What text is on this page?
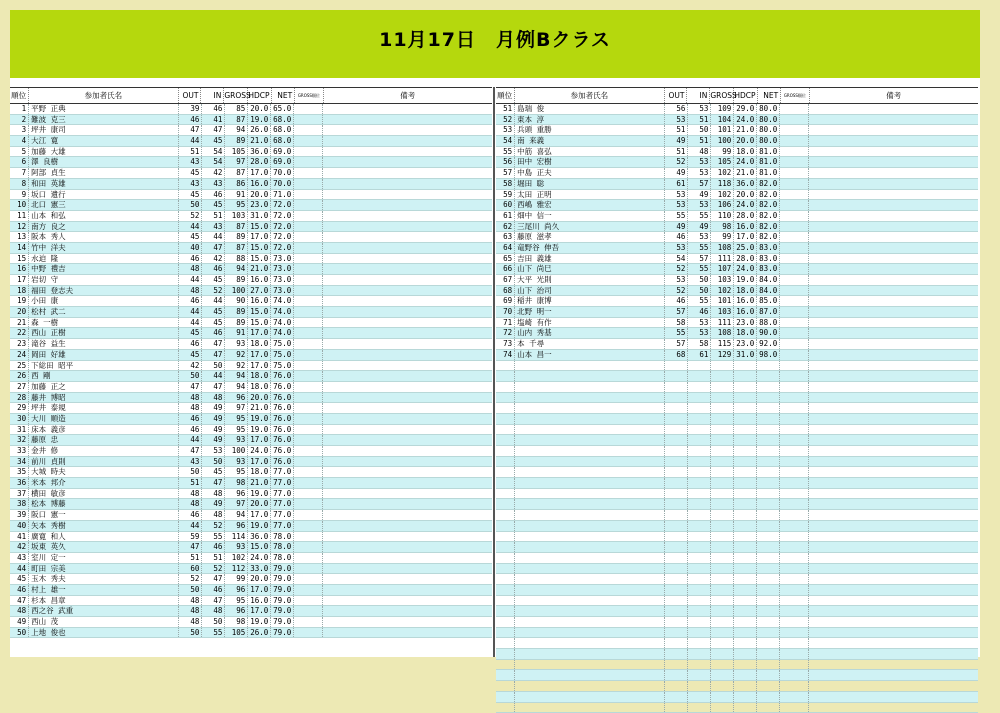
11月17日　月例Bクラス
順位	参加者氏名	OUT	IN GROSS
HDCP	NET	GROSS順位	備考
1 平野 正典	39	46	85 20.0 65.0
2 難波 克三	46	41	87 19.0 68.0
3 坪井 康司	47	47	94 26.0 68.0
4 大江 寛	44	45	89 21.0 68.0
5 加藤 大雄	51	54	105 36.0 69.0
6 澤 良樹	43	54	97 28.0 69.0
7 阿部 貞生	45	42	87 17.0 70.0
8 和田 英雄	43	43	86 16.0 70.0
9 坂口 遺行	45	46	91 20.0 71.0
10 北口 憲三	50	45	95 23.0 72.0
11 山本 和弘	52	51	103 31.0 72.0
12 南方 良之	44	43	87 15.0 72.0
13 阪本 秀人	45	44	89 17.0 72.0
14 竹中 洋夫	40	47	87 15.0 72.0
15 水迫 隆	46	42	88 15.0 73.0
16 中野 禮吉	48	46	94 21.0 73.0
17 岩切 守	44	45	89 16.0 73.0
18 福田 登志夫	48	52	100 27.0 73.0
19 小田 康	46	44	90 16.0 74.0
20 松村 武二	44	45	89 15.0 74.0
21 森 一樹	44	45	89 15.0 74.0
22 西山 正樹	45	46	91 17.0 74.0
23 滝谷 益生	46	47	93 18.0 75.0
24 岡田 好雄	45	47	92 17.0 75.0
25 下総田 昭平	42	50	92 17.0 75.0
26 西 剛	50	44	94 18.0 76.0
27 加藤 正之	47	47	94 18.0 76.0
28 藤井 博昭	48	48	96 20.0 76.0
29 坪井 泰規	48	49	97 21.0 76.0
30 大川 順造	46	49	95 19.0 76.0
31 床本 義彦	46	49	95 19.0 76.0
32 藤原 忠	44	49	93 17.0 76.0
33 金井 修	47	53	100 24.0 76.0
34 前川 貞則	43	50	93 17.0 76.0
35 大城 時夫	50	45	95 18.0 77.0
36 米本 邦介	51	47	98 21.0 77.0
37 横田 敏彦	48	48	96 19.0 77.0
38 松本 博藤	48	49	97 20.0 77.0
39 阪口 憲一	46	48	94 17.0 77.0
40 矢本 秀樹	44	52	96 19.0 77.0
41 廣寛 和人	59	55	114 36.0 78.0
42 坂東 英久	47	46	93 15.0 78.0
43 室川 定一	51	51	102 24.0 78.0
44 町田 宗美	60	52	112 33.0 79.0
45 玉木 秀夫	52	47	99 20.0 79.0
46 村上 雄一	50	46	96 17.0 79.0
47 杉本 昌章	48	47	95 16.0 79.0
48 西之谷 武重	48	48	96 17.0 79.0
49 西山 茂	48	50	98 19.0 79.0
50 上地 俊也	50	55	105 26.0 79.0
順位	参加者氏名	OUT	IN GROSS
HDCP	NET	GROSS順位	備考
51 島瑞 俊	56	53	109 29.0 80.0
52 東本 淳	53	51	104 24.0 80.0
53 兵頭 重勝	51	50	101 21.0 80.0
54 南 来義	49	51	100 20.0 80.0
55 中筋 喜弘	51	48	99 18.0 81.0
56 田中 宏樹	52	53	105 24.0 81.0
57 中島 正夫	49	53	102 21.0 81.0
58 堀田 聡	61	57	118 36.0 82.0
59 太田 正明	53	49	102 20.0 82.0
60 西嶋 雅宏	53	53	106 24.0 82.0
61 畑中 信一	55	55	110 28.0 82.0
62 三尾川 尚久	49	49	98 16.0 82.0
63 藤原 滋孝	46	53	99 17.0 82.0
64 竜野谷 伸吾	53	55	108 25.0 83.0
65 吉田 義雄	54	57	111 28.0 83.0
66 山下 尚巳	52	55	107 24.0 83.0
67 大平 光則	53	50	103 19.0 84.0
68 山下 治司	52	50	102 18.0 84.0
69 稲井 康博	46	55	101 16.0 85.0
70 北野 明一	57	46	103 16.0 87.0
71 塩崎 有作	58	53	111 23.0 88.0
72 山内 秀基	55	53	108 18.0 90.0
73 本 千尋	57	58	115 23.0 92.0
74 山本 昌一	68	61	129 31.0 98.0
